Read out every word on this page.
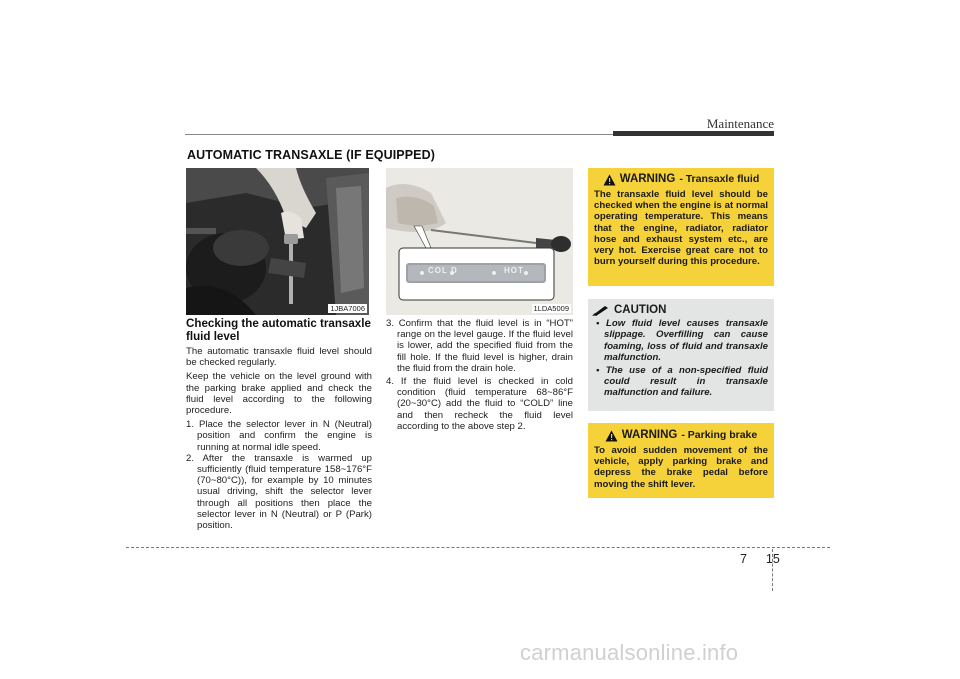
Maintenance
AUTOMATIC TRANSAXLE (IF EQUIPPED)
1JBA7006
COL D	HOT
1LDA5009
Checking the automatic transaxle fluid level

The automatic transaxle fluid level should be checked regularly.

Keep the vehicle on the level ground with the parking brake applied and check the fluid level according to the following procedure.

1. Place the selector lever in N (Neutral) position and confirm the engine is running at normal idle speed.

2. After the transaxle is warmed up sufficiently (fluid temperature 158~176°F (70~80°C)), for example by 10 minutes usual driving, shift the selector lever through all positions then place the selector lever in N (Neutral) or P (Park) position.

3. Confirm that the fluid level is in “HOT” range on the level gauge. If the fluid level is lower, add the specified fluid from the fill hole. If the fluid level is higher, drain the fluid from the drain hole.

4. If the fluid level is checked in cold condition (fluid temperature 68~86°F (20~30°C) add the fluid to “COLD” line and then recheck the fluid level according to the above step 2.

WARNING - Transaxle fluid
The transaxle fluid level should be checked when the engine is at normal operating temperature. This means that the engine, radiator, radiator hose and exhaust system etc., are very hot. Exercise great care not to burn yourself during this procedure.
CAUTION

• Low fluid level causes transaxle slippage. Overfilling can cause foaming, loss of fluid and transaxle malfunction.

• The use of a non-specified fluid could result in transaxle malfunction and failure.

WARNING - Parking brake
To avoid sudden movement of the vehicle, apply parking brake and depress the brake pedal before moving the shift lever.
7 15
carmanualsonline.info
